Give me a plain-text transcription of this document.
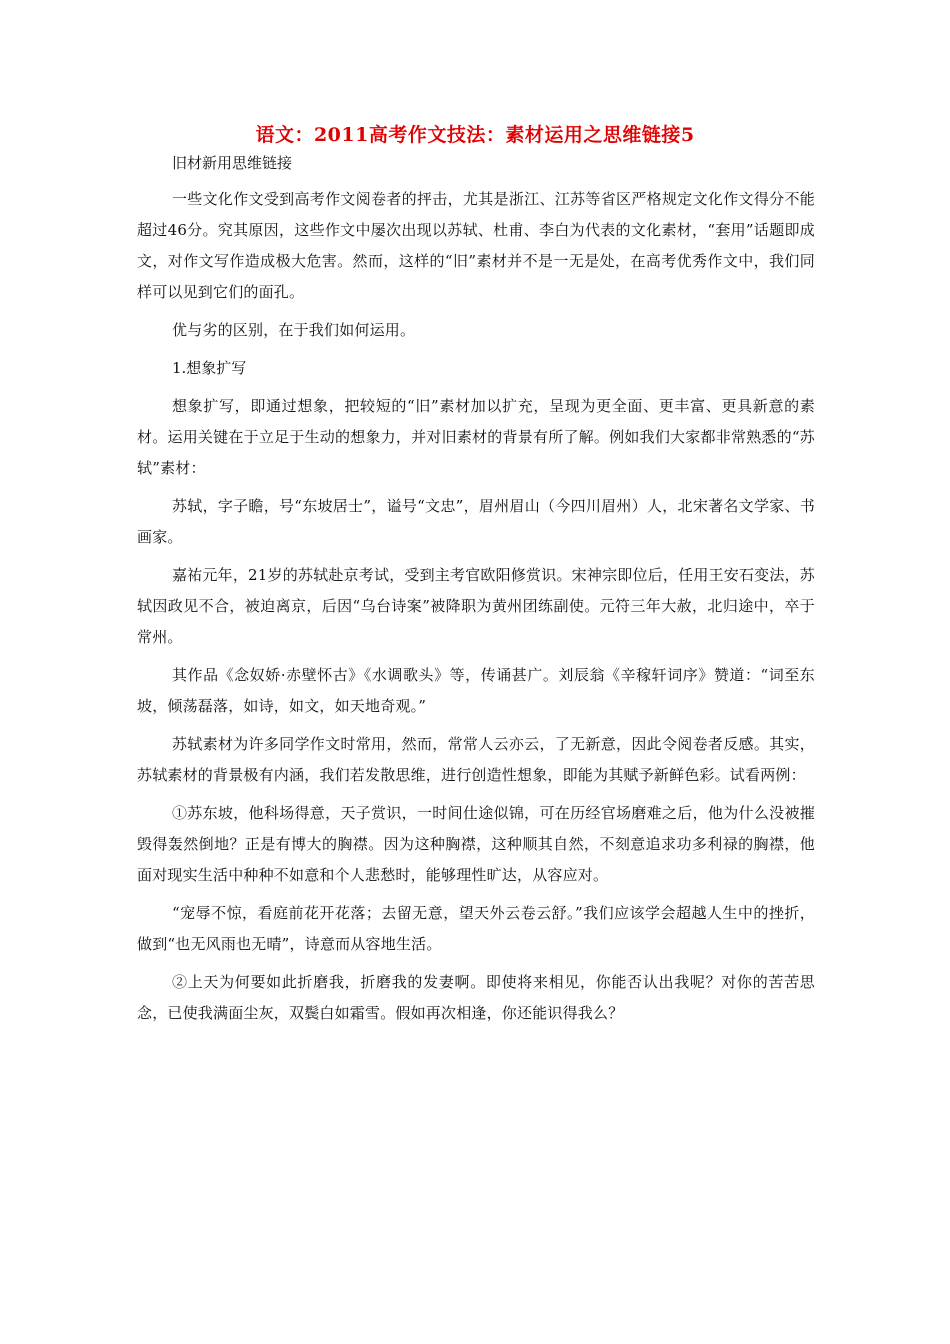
语文：2011高考作文技法：素材运用之思维链接5
旧材新用思维链接

一些文化作文受到高考作文阅卷者的抨击，尤其是浙江、江苏等省区严格规定文化作文得分不能超过46分。究其原因，这些作文中屡次出现以苏轼、杜甫、李白为代表的文化素材，“套用”话题即成文，对作文写作造成极大危害。然而，这样的“旧”素材并不是一无是处，在高考优秀作文中，我们同样可以见到它们的面孔。

优与劣的区别，在于我们如何运用。

1.想象扩写

想象扩写，即通过想象，把较短的“旧”素材加以扩充，呈现为更全面、更丰富、更具新意的素材。运用关键在于立足于生动的想象力，并对旧素材的背景有所了解。例如我们大家都非常熟悉的“苏轼”素材：

苏轼，字子瞻，号“东坡居士”，谥号“文忠”，眉州眉山（今四川眉州）人，北宋著名文学家、书画家。

嘉祐元年，21岁的苏轼赴京考试，受到主考官欧阳修赏识。宋神宗即位后，任用王安石变法，苏轼因政见不合，被迫离京，后因“乌台诗案”被降职为黄州团练副使。元符三年大赦，北归途中，卒于常州。

其作品《念奴娇·赤壁怀古》《水调歌头》等，传诵甚广。刘辰翁《辛稼轩词序》赞道：“词至东坡，倾荡磊落，如诗，如文，如天地奇观。”

苏轼素材为许多同学作文时常用，然而，常常人云亦云，了无新意，因此令阅卷者反感。其实，苏轼素材的背景极有内涵，我们若发散思维，进行创造性想象，即能为其赋予新鲜色彩。试看两例：

①苏东坡，他科场得意，天子赏识，一时间仕途似锦，可在历经官场磨难之后，他为什么没被摧毁得轰然倒地？正是有博大的胸襟。因为这种胸襟，这种顺其自然，不刻意追求功多利禄的胸襟，他面对现实生活中种种不如意和个人悲愁时，能够理性旷达，从容应对。

“宠辱不惊，看庭前花开花落；去留无意，望天外云卷云舒。”我们应该学会超越人生中的挫折，做到“也无风雨也无晴”，诗意而从容地生活。

②上天为何要如此折磨我，折磨我的发妻啊。即使将来相见，你能否认出我呢？对你的苦苦思念，已使我满面尘灰，双鬓白如霜雪。假如再次相逢，你还能识得我么？
